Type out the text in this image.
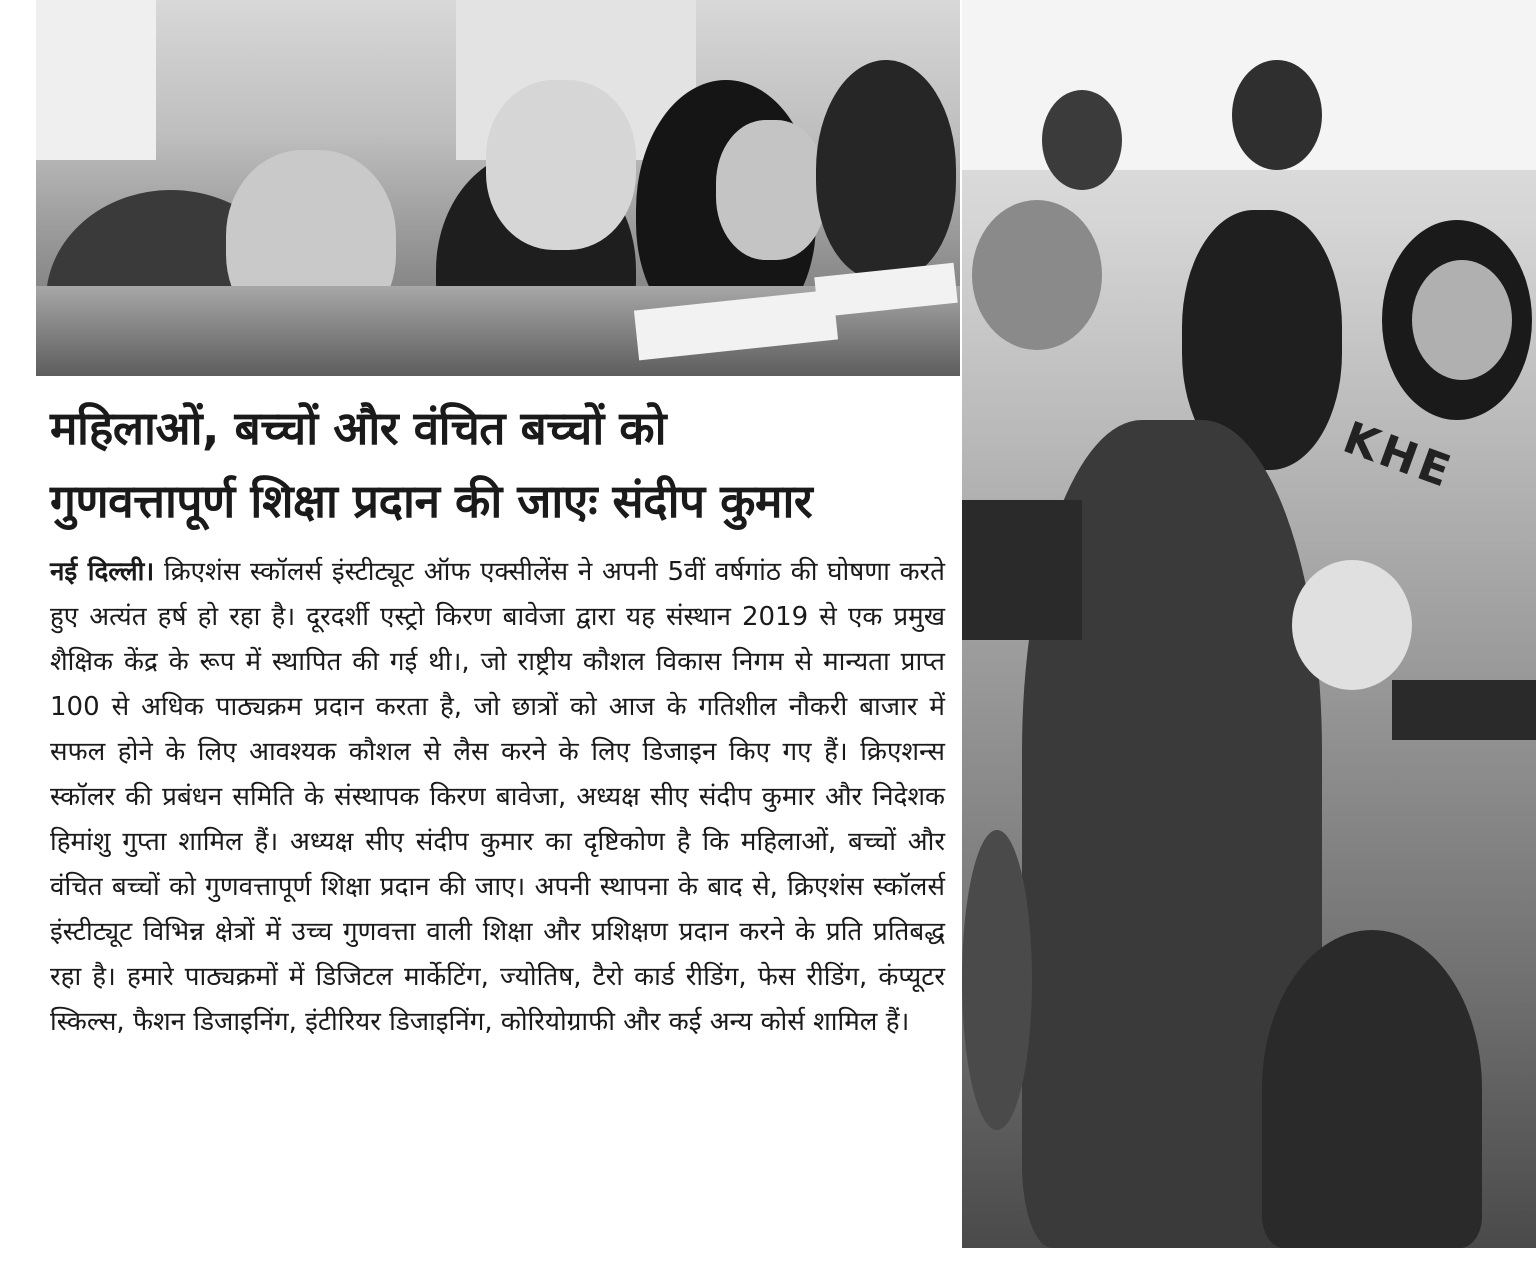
KHE
महिलाओं, बच्चों और वंचित बच्चों को
गुणवत्तापूर्ण शिक्षा प्रदान की जाएः संदीप कुमार

नई दिल्ली। क्रिएशंस स्कॉलर्स इंस्टीट्यूट ऑफ एक्सीलेंस ने अपनी 5वीं वर्षगांठ की घोषणा करते हुए अत्यंत हर्ष हो रहा है। दूरदर्शी एस्ट्रो किरण बावेजा द्वारा यह संस्थान 2019 से एक प्रमुख शैक्षिक केंद्र के रूप में स्थापित की गई थी।, जो राष्ट्रीय कौशल विकास निगम से मान्यता प्राप्त 100 से अधिक पाठ्यक्रम प्रदान करता है, जो छात्रों को आज के गतिशील नौकरी बाजार में सफल होने के लिए आवश्यक कौशल से लैस करने के लिए डिजाइन किए गए हैं। क्रिएशन्स स्कॉलर की प्रबंधन समिति के संस्थापक किरण बावेजा, अध्यक्ष सीए संदीप कुमार और निदेशक हिमांशु गुप्ता शामिल हैं। अध्यक्ष सीए संदीप कुमार का दृष्टिकोण है कि महिलाओं, बच्चों और वंचित बच्चों को गुणवत्तापूर्ण शिक्षा प्रदान की जाए। अपनी स्थापना के बाद से, क्रिएशंस स्कॉलर्स इंस्टीट्यूट विभिन्न क्षेत्रों में उच्च गुणवत्ता वाली शिक्षा और प्रशिक्षण प्रदान करने के प्रति प्रतिबद्ध रहा है। हमारे पाठ्यक्रमों में डिजिटल मार्केटिंग, ज्योतिष, टैरो कार्ड रीडिंग, फेस रीडिंग, कंप्यूटर स्किल्स, फैशन डिजाइनिंग, इंटीरियर डिजाइनिंग, कोरियोग्राफी और कई अन्य कोर्स शामिल हैं।
